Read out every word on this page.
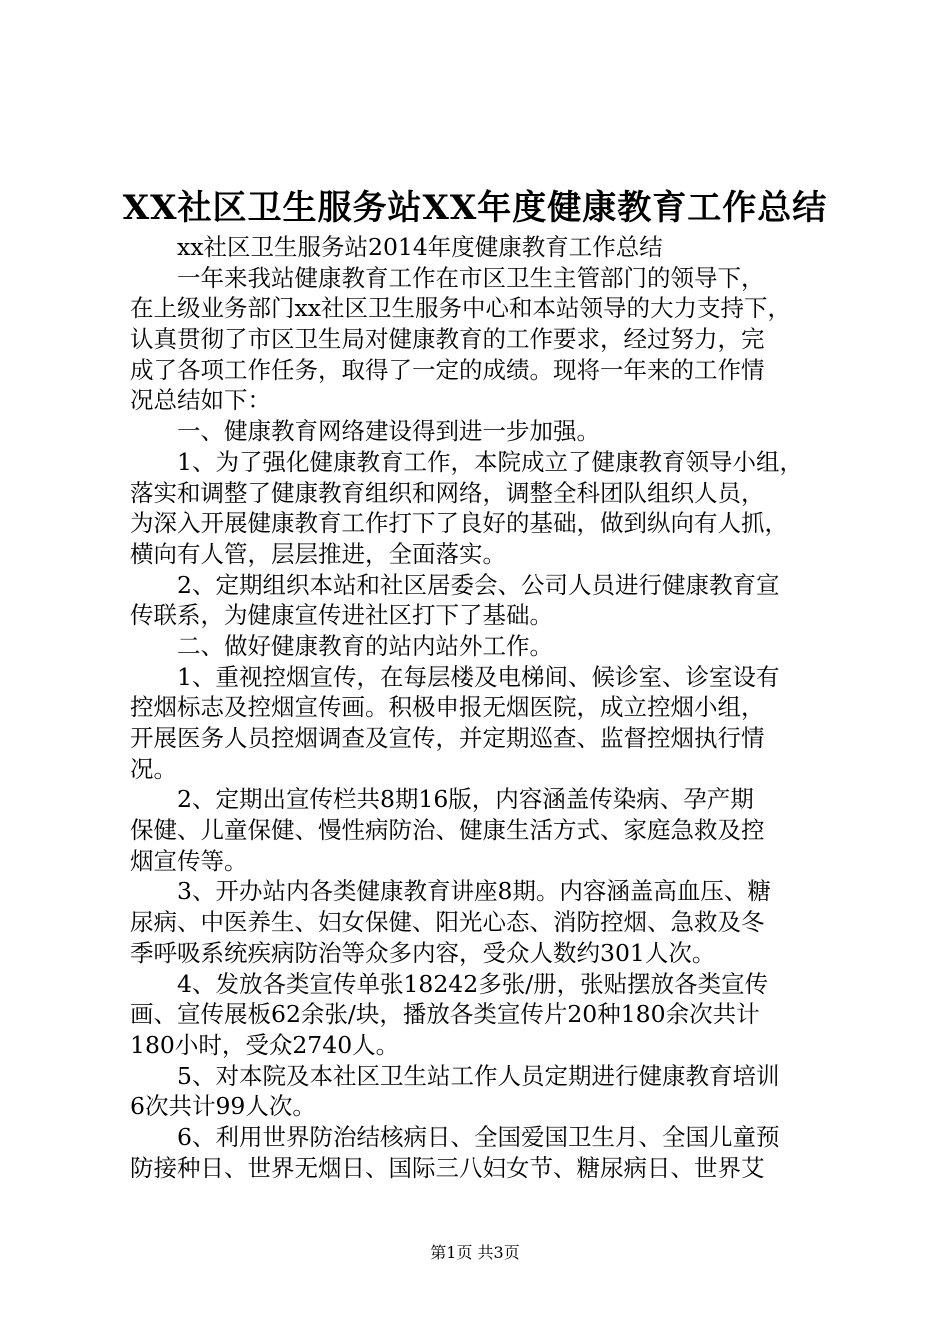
XX社区卫生服务站XX年度健康教育工作总结
xx社区卫生服务站2014年度健康教育工作总结
一年来我站健康教育工作在市区卫生主管部门的领导下，
在上级业务部门xx社区卫生服务中心和本站领导的大力支持下，
认真贯彻了市区卫生局对健康教育的工作要求，经过努力，完
成了各项工作任务，取得了一定的成绩。现将一年来的工作情
况总结如下：
一、健康教育网络建设得到进一步加强。
1、为了强化健康教育工作，本院成立了健康教育领导小组，
落实和调整了健康教育组织和网络，调整全科团队组织人员，
为深入开展健康教育工作打下了良好的基础，做到纵向有人抓，
横向有人管，层层推进，全面落实。
2、定期组织本站和社区居委会、公司人员进行健康教育宣
传联系，为健康宣传进社区打下了基础。
二、做好健康教育的站内站外工作。
1、重视控烟宣传，在每层楼及电梯间、候诊室、诊室设有
控烟标志及控烟宣传画。积极申报无烟医院，成立控烟小组，
开展医务人员控烟调查及宣传，并定期巡查、监督控烟执行情
况。
2、定期出宣传栏共8期16版，内容涵盖传染病、孕产期
保健、儿童保健、慢性病防治、健康生活方式、家庭急救及控
烟宣传等。
3、开办站内各类健康教育讲座8期。内容涵盖高血压、糖
尿病、中医养生、妇女保健、阳光心态、消防控烟、急救及冬
季呼吸系统疾病防治等众多内容，受众人数约301人次。
4、发放各类宣传单张18242多张/册，张贴摆放各类宣传
画、宣传展板62余张/块，播放各类宣传片20种180余次共计
180小时，受众2740人。
5、对本院及本社区卫生站工作人员定期进行健康教育培训
6次共计99人次。
6、利用世界防治结核病日、全国爱国卫生月、全国儿童预
防接种日、世界无烟日、国际三八妇女节、糖尿病日、世界艾
第1页 共3页
